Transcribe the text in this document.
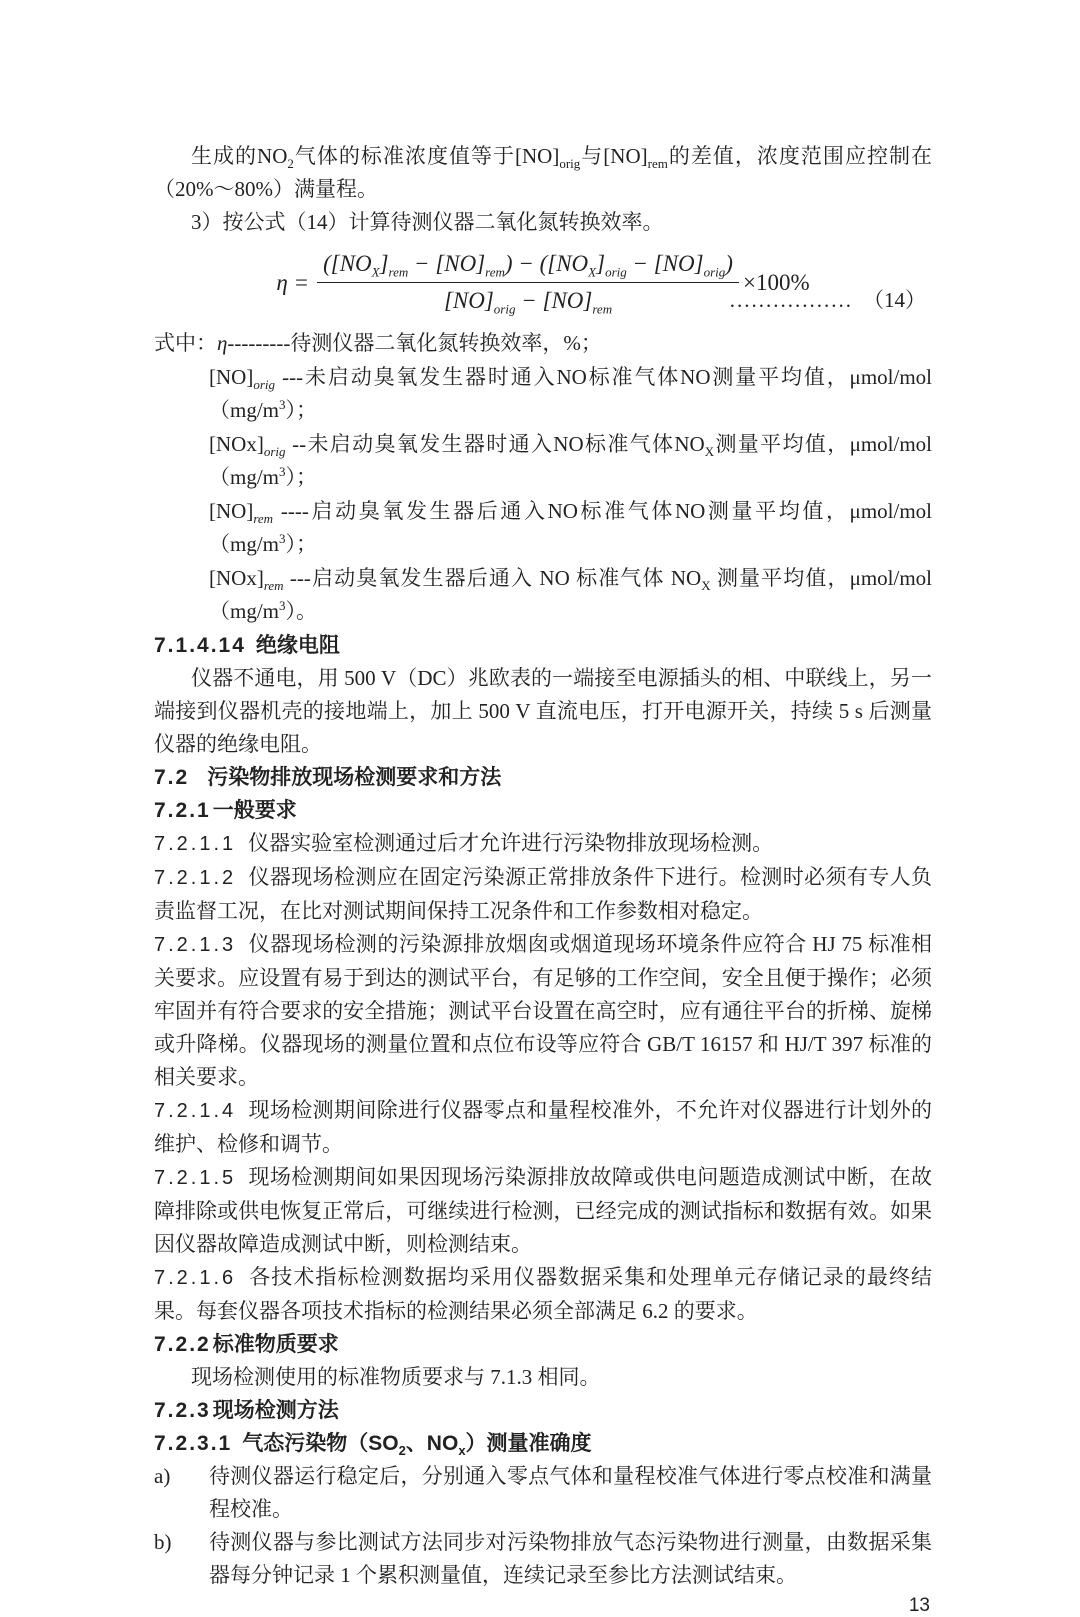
生成的$NO_2$气体的标准浓度值等于$[NO]_{orig}$与$[NO]_{rem}$的差值，浓度范围应控制在（20%～80%）满量程。
3）按公式（14）计算待测仪器二氧化氮转换效率。
$\eta = \frac{([NO_X]_{rem} - [NO]_{rem}) - ([NO_X]_{orig} - [NO]_{orig})}{[NO]_{orig} - [NO]_{rem}} \times 100\%$
................. （14）
式中：η---------待测仪器二氧化氮转换效率，%；
$[NO]_{orig}$ ---未启动臭氧发生器时通入NO标准气体NO测量平均值，μmol/$mol(mg/m^3)$；
$[NOx]_{orig}$ --未启动臭氧发生器时通入NO标准气体$NO_X$测量平均值，μmol/$mol(mg/m^3)$；
$[NO]_{rem}$ ----启动臭氧发生器后通入NO标准气体NO测量平均值，μmol/$mol(mg/m^3)$；
$[NOx]_{rem}$ ---启动臭氧发生器后通入 NO 标准气体 $NO_X$ 测量平均值，μmol/$mol(mg/m^3)$。
7.1.4.14 绝缘电阻
仪器不通电，用 500 V（DC）兆欧表的一端接至电源插头的相、中联线上，另一端接到仪器机壳的接地端上，加上 500 V 直流电压，打开电源开关，持续 5 s 后测量仪器的绝缘电阻。
7.2 污染物排放现场检测要求和方法
7.2.1一般要求
7.2.1.1 仪器实验室检测通过后才允许进行污染物排放现场检测。
7.2.1.2 仪器现场检测应在固定污染源正常排放条件下进行。检测时必须有专人负责监督工况，在比对测试期间保持工况条件和工作参数相对稳定。
7.2.1.3 仪器现场检测的污染源排放烟囱或烟道现场环境条件应符合 HJ 75 标准相关要求。应设置有易于到达的测试平台，有足够的工作空间，安全且便于操作；必须牢固并有符合要求的安全措施；测试平台设置在高空时，应有通往平台的折梯、旋梯或升降梯。仪器现场的测量位置和点位布设等应符合 GB/T 16157 和 HJ/T 397 标准的相关要求。
7.2.1.4 现场检测期间除进行仪器零点和量程校准外，不允许对仪器进行计划外的维护、检修和调节。
7.2.1.5 现场检测期间如果因现场污染源排放故障或供电问题造成测试中断，在故障排除或供电恢复正常后，可继续进行检测，已经完成的测试指标和数据有效。如果因仪器故障造成测试中断，则检测结束。
7.2.1.6 各技术指标检测数据均采用仪器数据采集和处理单元存储记录的最终结果。每套仪器各项技术指标的检测结果必须全部满足 6.2 的要求。
7.2.2标准物质要求
现场检测使用的标准物质要求与 7.1.3 相同。
7.2.3现场检测方法
7.2.3.1 气态污染物（$SO_2$、$NO_x$）测量准确度
a) 待测仪器运行稳定后，分别通入零点气体和量程校准气体进行零点校准和满量程校准。
b) 待测仪器与参比测试方法同步对污染物排放气态污染物进行测量，由数据采集器每分钟记录 1 个累积测量值，连续记录至参比方法测试结束。
13
